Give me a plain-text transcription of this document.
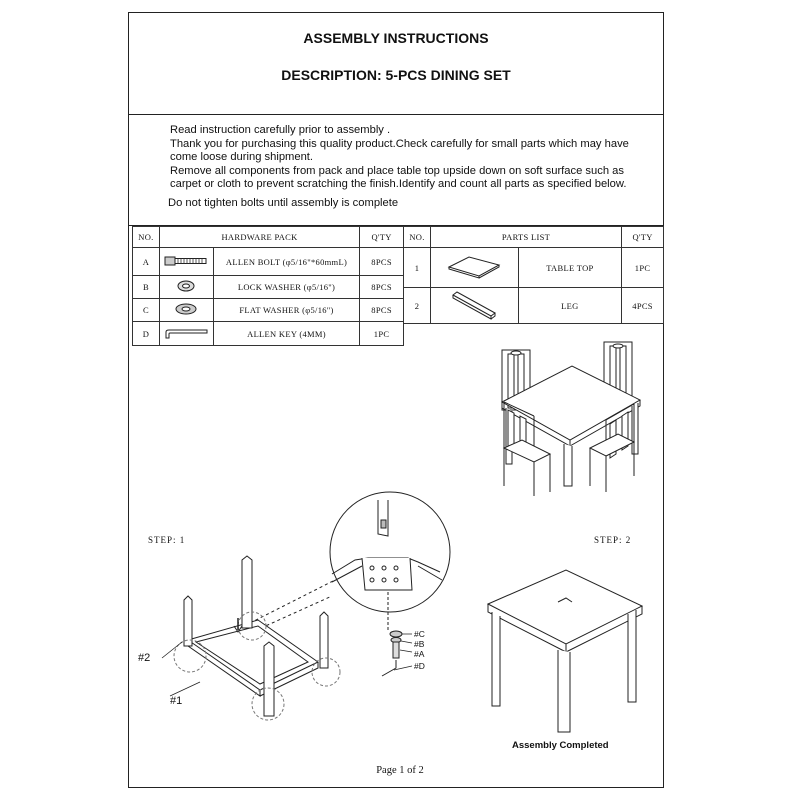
ASSEMBLY INSTRUCTIONS
DESCRIPTION: 5-PCS DINING SET

Read instruction carefully prior to assembly .

Thank you for purchasing this quality product.Check carefully for small parts which may have come loose during shipment.

Remove all components from pack and place table top upside down on soft surface such as carpet or cloth to prevent scratching the finish.Identify and count all parts as specified below.

Do not tighten bolts until assembly is complete
NO.	HARDWARE PACK		Q'TY
A		ALLEN BOLT (φ5/16"*60mmL)	8PCS
B		LOCK WASHER (φ5/16")	8PCS
C		FLAT WASHER (φ5/16")	8PCS
D		ALLEN KEY (4MM)	1PC
NO.	PARTS LIST		Q'TY
1		TABLE TOP	1PC
2		LEG	4PCS
STEP: 1	STEP: 2
#2
#1
#C
#B
#A
#D
Assembly Completed
Page 1 of 2
